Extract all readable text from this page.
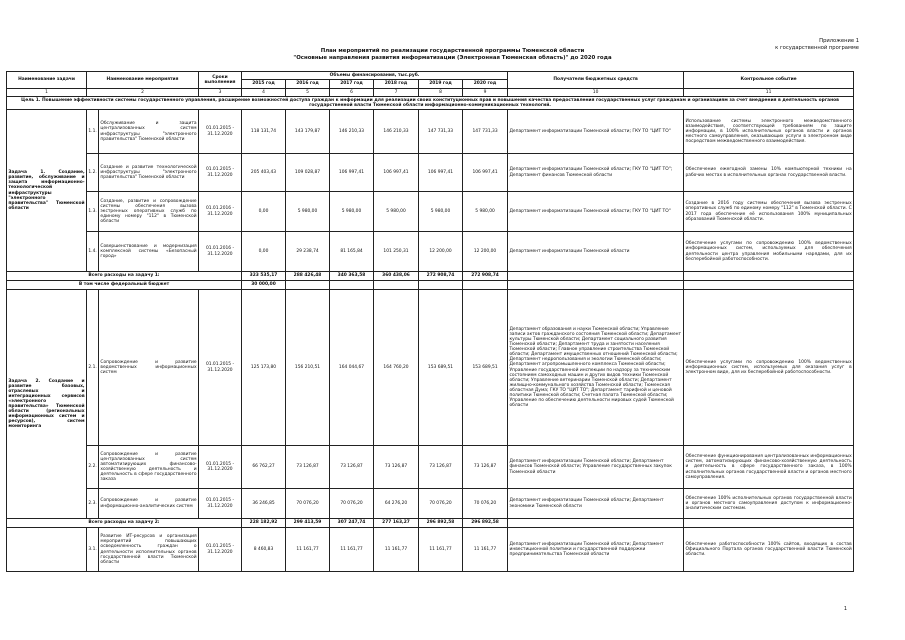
Приложение 1
к государственной программе
План мероприятий по реализации государственной программы Тюменской области
"Основные направления развития информатизации (Электронная Тюменская область)" до 2020 года
Наименование задачи	Наименование мероприятия		Сроки выполнения	Объемы финансирования, тыс.руб.						Получатели бюджетных средств	Контрольное событие
				2015 год	2016 год	2017 год	2018 год	2019 год	2020 год		
1	2		3	4	5	6	7	8	9	10	11
Цель 1. Повышение эффективности системы государственного управления, расширение возможностей доступа граждан к информации для реализации своих конституционных прав и повышения качества предоставления государственных услуг гражданам и организациям за счет внедрения в деятельность органов государственной власти Тюменской области информационно-коммуникационных технологий.											
Задача 1. Создание, развитие, обслуживание и защита информационно-технологической инфраструктуры "электронного правительства" Тюменской области	1.1.	Обслуживание и защита централизованных систем инфраструктуры "электронного правительства" Тюменской области	01.01.2015 - 31.12.2020	118 131,74	143 179,87	146 210,33	146 210,33	147 731,33	147 731,33	Департамент информатизации Тюменской области; ГКУ ТО "ЦИТ ТО"	Использование системы электронного межведомственного взаимодействия, соответствующей требованиям по защите информации, в 100% исполнительных органов власти и органов местного самоуправления, оказывающих услуги в электронном виде посредством межведомственного взаимодействия.
	1.2.	Создание и развитие технологической инфраструктуры "электронного правительства" Тюменской области	01.01.2015 - 31.12.2020	205 403,43	109 028,87	106 997,41	106 997,41	106 997,41	106 997,41	Департамент информатизации Тюменской области; ГКУ ТО "ЦИТ ТО"; Департамент финансов Тюменской области	Обеспечение ежегодной замены 10% компьютерной техники на рабочих местах в исполнительных органах государственной власти.
	1.3.	Создание, развитие и сопровождение системы обеспечения вызова экстренных оперативных служб по единому номеру "112" в Тюменской области	01.01.2016 - 31.12.2020	0,00	5 980,00	5 980,00	5 980,00	5 980,00	5 980,00	Департамент информатизации Тюменской области; ГКУ ТО "ЦИТ ТО"	Создание в 2016 году системы обеспечения вызова экстренных оперативных служб по единому номеру "112" в Тюменской области. С 2017 года обеспечение её использования 100% муниципальных образований Тюменской области.
	1.4.	Совершенствование и модернизация комплексной системы «Безопасный город»	01.01.2016 - 31.12.2020	0,00	29 238,74	81 165,84	101 250,31	12 200,00	12 200,00	Департамент информатизации Тюменской области	Обеспечение услугами по сопровождению 100% ведомственных информационных систем, используемых для обеспечения деятельности центра управления мобильными нарядами, для их бесперебойной работоспособности.
Всего расходы на задачу 1:				323 535,17	288 426,48	340 363,58	360 438,06	272 908,74	272 908,74		
В том числе федеральный бюджет				30 000,00							
Задача 2. Создание и развитие базовых, отраслевых и интеграционных сервисов «электронного правительства» Тюменской области (региональных информационных систем и ресурсов), систем мониторинга	2.1.	Сопровождение и развитие ведомственных информационных систем	01.01.2015 - 31.12.2020	125 173,80	156 210,51	164 044,67	164 760,20	153 689,51	153 689,51	Департамент образования и науки Тюменской области; Управление записи актов гражданского состояния Тюменской области; Департамент культуры Тюменской области; Департамент социального развития Тюменской области; Департамент труда и занятости населения Тюменской области; Главное управление строительства Тюменской области; Департамент имущественных отношений Тюменской области; Департамент недропользования и экологии Тюменской области; Департамент агропромышленного комплекса Тюменской области; Управление государственной инспекции по надзору за техническим состоянием самоходных машин и других видов техники Тюменской области; Управление ветеринарии Тюменской области; Департамент жилищно-коммунального хозяйства Тюменской области; Тюменская областная Дума; ГКУ ТО "ЦИТ ТО"; Департамент тарифной и ценовой политики Тюменской области; Счетная палата Тюменской области; Управление по обеспечению деятельности мировых судей Тюменской области	Обеспечение услугами по сопровождению 100% ведомственных информационных систем, используемых для оказания услуг в электронном виде, для их бесперебойной работоспособности.
	2.2.	Сопровождение и развитие централизованных систем автоматизирующих финансово-хозяйственную деятельность и деятельность в сфере государственного заказа	01.01.2015 - 31.12.2020	66 762,27	73 126,87	73 126,87	73 126,87	73 126,87	73 126,87	Департамент информатизации Тюменской области; Департамент финансов Тюменской области; Управление государственных закупок Тюменской области	Обеспечение функционирования централизованных информационных систем, автоматизирующих финансово-хозяйственную деятельность и деятельность в сфере государственного заказа, в 100% исполнительных органов государственной власти и органов местного самоуправления.
	2.3.	Сопровождение и развитие информационно-аналитических систем	01.01.2015 - 31.12.2020	36 246,85	70 076,20	70 076,20	64 276,20	70 076,20	70 076,20	Департамент информатизации Тюменской области; Департамент экономики Тюменской области	Обеспечение 100% исполнительных органов государственной власти и органов местного самоуправления доступом к информационно-аналитическим системам.
Всего расходы на задачу 2:				228 182,92	299 413,59	307 247,74	277 163,27	296 892,58	296 892,58		
	3.1.	Развитие ИТ-ресурсов и организация мероприятий повышающих осведомленность граждан о деятельности исполнительных органов государственной власти Тюменской области	01.01.2015 - 31.12.2020	8 460,83	11 161,77	11 161,77	11 161,77	11 161,77	11 161,77	Департамент информатизации Тюменской области; Департамент инвестиционной политики и государственной поддержки предпринимательства Тюменской области	Обеспечение работоспособности 100% сайтов, входящих в состав Официального Портала органов государственной власти Тюменской области.
1
